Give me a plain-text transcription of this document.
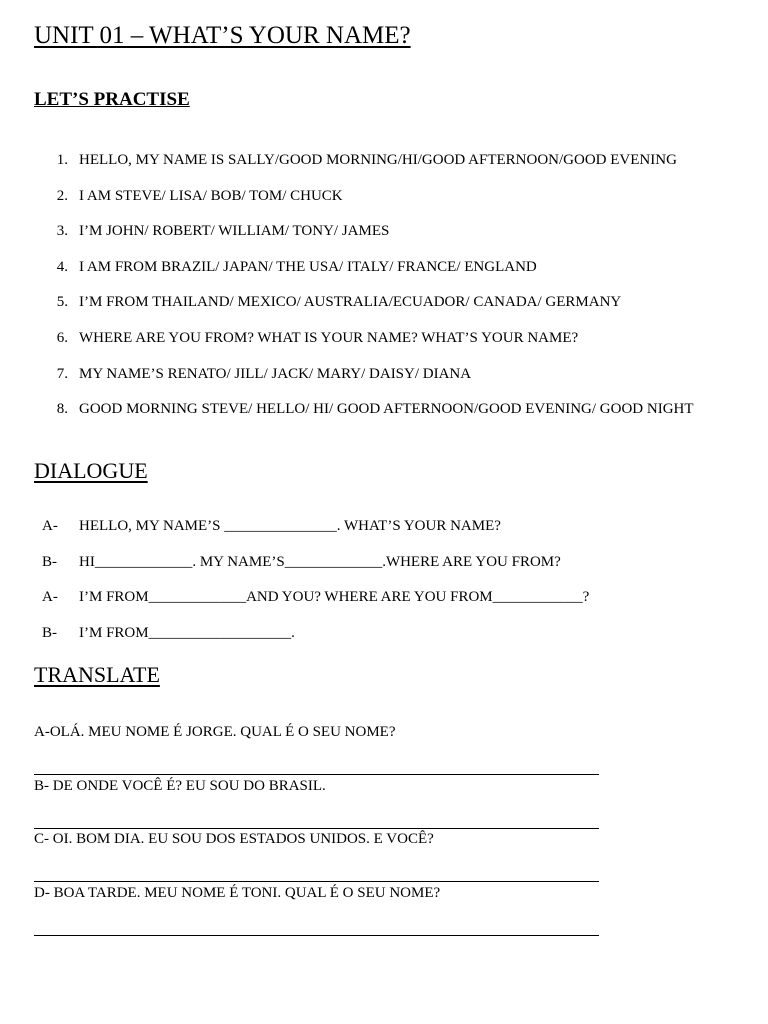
UNIT 01 – WHAT’S YOUR NAME?
LET’S PRACTISE
1. HELLO, MY NAME IS SALLY/GOOD MORNING/HI/GOOD AFTERNOON/GOOD EVENING
2. I AM STEVE/ LISA/ BOB/ TOM/ CHUCK
3. I’M JOHN/ ROBERT/ WILLIAM/ TONY/ JAMES
4. I AM FROM BRAZIL/ JAPAN/ THE USA/ ITALY/ FRANCE/ ENGLAND
5. I’M FROM THAILAND/ MEXICO/ AUSTRALIA/ECUADOR/ CANADA/ GERMANY
6. WHERE ARE YOU FROM? WHAT IS YOUR NAME? WHAT’S YOUR NAME?
7. MY NAME’S RENATO/ JILL/ JACK/ MARY/ DAISY/ DIANA
8. GOOD MORNING STEVE/ HELLO/ HI/ GOOD AFTERNOON/GOOD EVENING/ GOOD NIGHT
DIALOGUE
A- HELLO, MY NAME’S _______________. WHAT’S YOUR NAME?
B- HI_____________. MY NAME’S_____________.WHERE ARE YOU FROM?
A- I’M FROM_____________AND YOU? WHERE ARE YOU FROM____________?
B- I’M FROM___________________.
TRANSLATE
A-OLÁ. MEU NOME É JORGE. QUAL É O SEU NOME?
B- DE ONDE VOCÊ É? EU SOU DO BRASIL.
C- OI. BOM DIA. EU SOU DOS ESTADOS UNIDOS. E VOCÊ?
D- BOA TARDE. MEU NOME É TONI. QUAL É O SEU NOME?
